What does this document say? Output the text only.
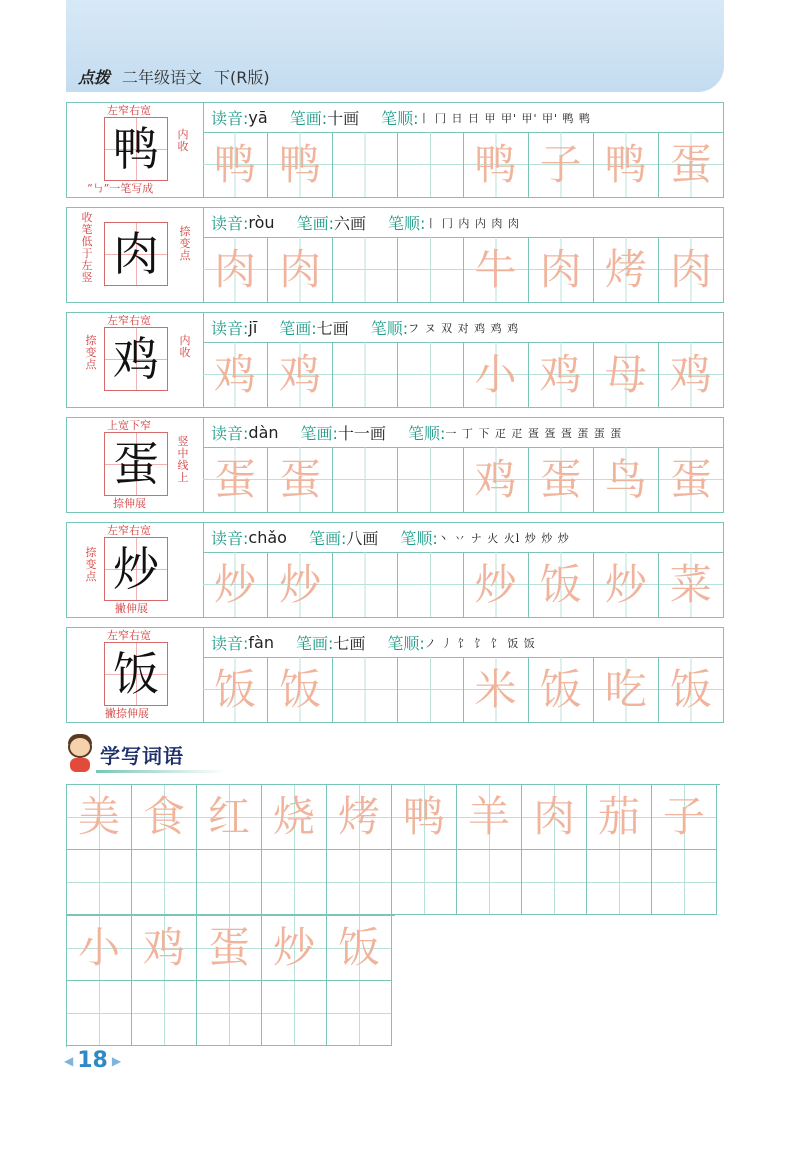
点拨 二年级语文 下(R版)
左窄右宽
鸭	内收
“㇉”一笔写成
读音: yā 笔画: 十画 笔顺: 丨 冂 日 日 甲 甲' 甲' 甲' 鸭 鸭
鸭 鸭	鸭 子 鸭 蛋
收笔低于左竖 肉	捺变点
读音: ròu 笔画: 六画 笔顺: 丨 冂 内 内 肉 肉
肉 肉	牛 肉 烤 肉
左窄右宽
捺变点 鸡	内收
读音: jī 笔画: 七画 笔顺: フ ヌ 双 对 鸡 鸡 鸡
鸡 鸡	小 鸡 母 鸡
上宽下窄
蛋	竖中线上
捺伸展
读音: dàn 笔画: 十一画 笔顺: 一 丁 下 疋 疋 疍 疍 疍 蛋 蛋 蛋
蛋 蛋	鸡 蛋 鸟 蛋
左窄右宽
捺变点 炒
撇伸展
读音: chǎo 笔画: 八画 笔顺: 丶 丷 ナ 火 火l 炒 炒 炒
炒 炒	炒 饭 炒 菜
左窄右宽
饭
撇捺伸展
读音: fàn 笔画: 七画 笔顺: ノ 丿 饣 饣 饣 饭 饭
饭 饭	米 饭 吃 饭
学写词语
美 食 红 烧 烤 鸭 羊 肉 茄 子
小 鸡 蛋 炒 饭
◀ 18 ▶
